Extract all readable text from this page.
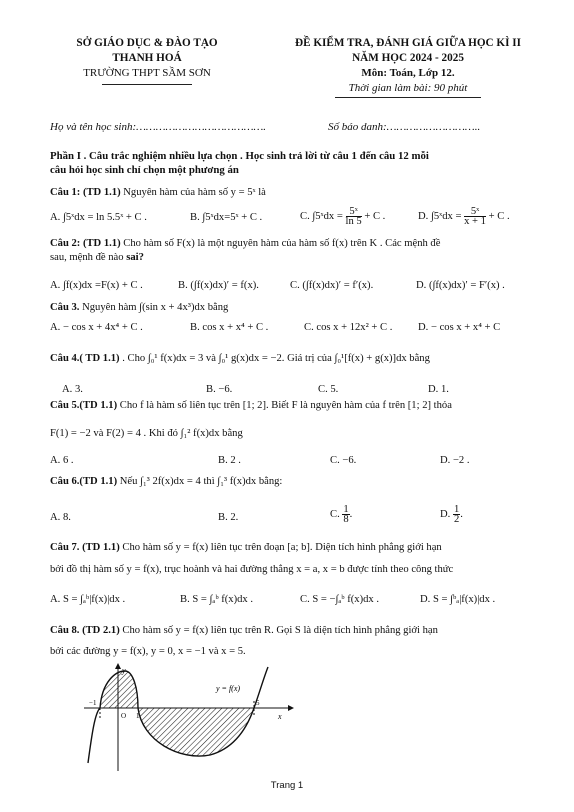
SỞ GIÁO DỤC & ĐÀO TẠO
THANH HOÁ
TRƯỜNG THPT SẦM SƠN
ĐỀ KIỂM TRA, ĐÁNH GIÁ GIỮA HỌC KÌ II
NĂM HỌC 2024 - 2025
Môn: Toán, Lớp 12.
Thời gian làm bài: 90 phút
Họ và tên học sinh:………………………………….	Số báo danh:………………………..
Phần I . Câu trắc nghiệm nhiều lựa chọn . Học sinh trả lời từ câu 1 đến câu 12 mỗi
câu hỏi học sinh chỉ chọn một phương án
Câu 1: (TD 1.1) Nguyên hàm của hàm số y = 5ˣ là
A. ∫5ˣdx = ln 5.5ˣ + C .	B. ∫5ˣdx=5ˣ + C .	C. ∫5ˣdx = $\frac{\text{5ˣ}}{\ln 5} + C$ .	D. ∫5ˣdx = $\frac{\text{5ˣ}}{x + 1} + C$ .
Câu 2: (TD 1.1) Cho hàm số F(x) là một nguyên hàm của hàm số f(x) trên K . Các mệnh đề
sau, mệnh đề nào sai?
A. ∫f(x)dx =F(x) + C .	B. (∫f(x)dx)′ = f(x).	C. (∫f(x)dx)′ = f′(x).	D. (∫f(x)dx)′ = F′(x) .
Câu 3. Nguyên hàm ∫(sin x + 4x³)dx bằng
A. − cos x + 4x⁴ + C .	B. cos x + x⁴ + C .	C. cos x + 12x² + C . D. − cos x + x⁴ + C
Câu 4.( TD 1.1) . Cho ∫₀¹ f(x)dx = 3 và ∫₀¹ g(x)dx = −2. Giá trị của ∫₀¹[f(x) + g(x)]dx bằng
A. 3.	B. −6.	C. 5.	D. 1.
Câu 5.(TD 1.1) Cho f là hàm số liên tục trên [1; 2]. Biết F là nguyên hàm của f trên [1; 2] thỏa
F(1) = −2 và F(2) = 4 . Khi đó ∫₁² f(x)dx bằng
A. 6 .	B. 2 .	C. −6.	D. −2 .
Câu 6.(TD 1.1) Nếu ∫₁³ 2f(x)dx = 4 thì ∫₁³ f(x)dx bằng:
A. 8.	B. 2.	C. $\frac{1}{8}$ .	D. $\frac{1}{2}$ .
Câu 7. (TD 1.1) Cho hàm số y = f(x) liên tục trên đoạn [a; b]. Diện tích hình phẳng giới hạn
bởi đồ thị hàm số y = f(x), trục hoành và hai đường thẳng x = a, x = b được tính theo công thức
A. S = ∫ₐᵇ|f(x)|dx .	B. S = ∫ₐᵇ f(x)dx .	C. S = −∫ₐᵇ f(x)dx .	D. S = ∫ᵇₐ|f(x)|dx .
Câu 8. (TD 2.1) Cho hàm số y = f(x) liên tục trên R. Gọi S là diện tích hình phẳng giới hạn
bởi các đường y = f(x), y = 0, x = −1 và x = 5.
y
x
O
−1
1
5
y = f(x)
Trang 1
